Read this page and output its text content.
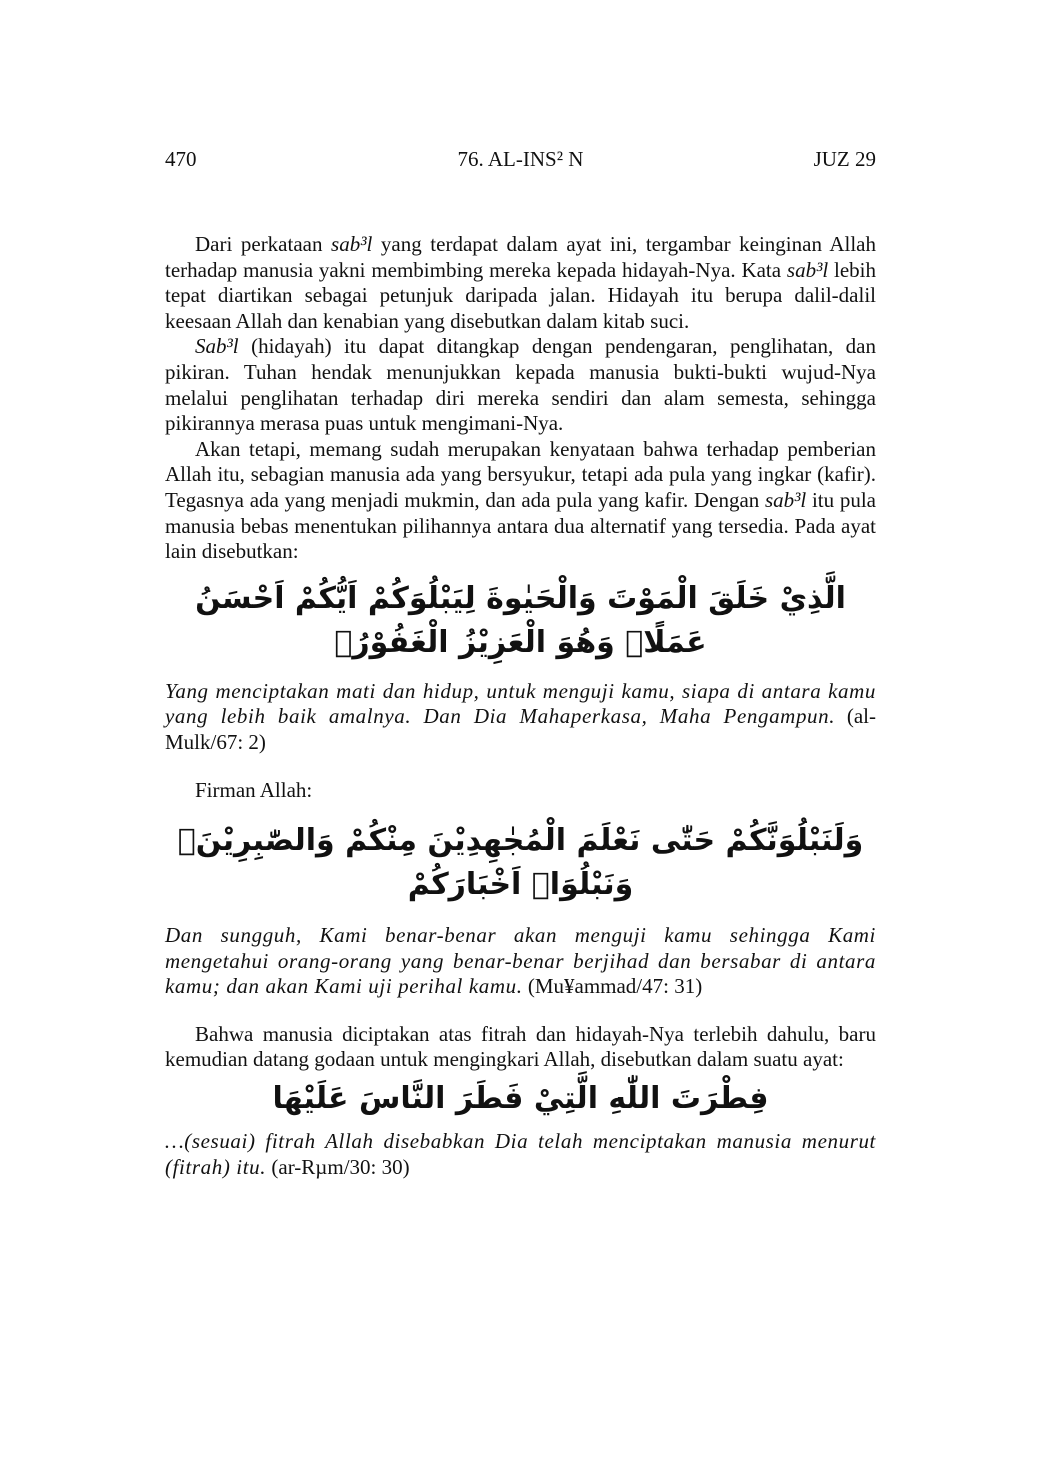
470	76. AL-INS² N	JUZ 29

Dari perkataan sab³l yang terdapat dalam ayat ini, tergambar keinginan Allah terhadap manusia yakni membimbing mereka kepada hidayah-Nya. Kata sab³l lebih tepat diartikan sebagai petunjuk daripada jalan. Hidayah itu berupa dalil-dalil keesaan Allah dan kenabian yang disebutkan dalam kitab suci.

Sab³l (hidayah) itu dapat ditangkap dengan pendengaran, penglihatan, dan pikiran. Tuhan hendak menunjukkan kepada manusia bukti-bukti wujud-Nya melalui penglihatan terhadap diri mereka sendiri dan alam semesta, sehingga pikirannya merasa puas untuk mengimani-Nya.

Akan tetapi, memang sudah merupakan kenyataan bahwa terhadap pemberian Allah itu, sebagian manusia ada yang bersyukur, tetapi ada pula yang ingkar (kafir). Tegasnya ada yang menjadi mukmin, dan ada pula yang kafir. Dengan sab³l itu pula manusia bebas menentukan pilihannya antara dua alternatif yang tersedia. Pada ayat lain disebutkan:

الَّذِيْ خَلَقَ الْمَوْتَ وَالْحَيٰوةَ لِيَبْلُوَكُمْ اَيُّكُمْ اَحْسَنُ عَمَلًاۗ وَهُوَ الْعَزِيْزُ الْغَفُوْرُۙ

Yang menciptakan mati dan hidup, untuk menguji kamu, siapa di antara kamu yang lebih baik amalnya. Dan Dia Mahaperkasa, Maha Pengampun. (al-Mulk/67: 2)

Firman Allah:

وَلَنَبْلُوَنَّكُمْ حَتّٰى نَعْلَمَ الْمُجٰهِدِيْنَ مِنْكُمْ وَالصّٰبِرِيْنَۙ وَنَبْلُوَا۟ اَخْبَارَكُمْ

Dan sungguh, Kami benar-benar akan menguji kamu sehingga Kami mengetahui orang-orang yang benar-benar berjihad dan bersabar di antara kamu; dan akan Kami uji perihal kamu. (Mu¥ammad/47: 31)

Bahwa manusia diciptakan atas fitrah dan hidayah-Nya terlebih dahulu, baru kemudian datang godaan untuk mengingkari Allah, disebutkan dalam suatu ayat:

فِطْرَتَ اللّٰهِ الَّتِيْ فَطَرَ النَّاسَ عَلَيْهَا

…(sesuai) fitrah Allah disebabkan Dia telah menciptakan manusia menurut (fitrah) itu. (ar-Rµm/30: 30)
